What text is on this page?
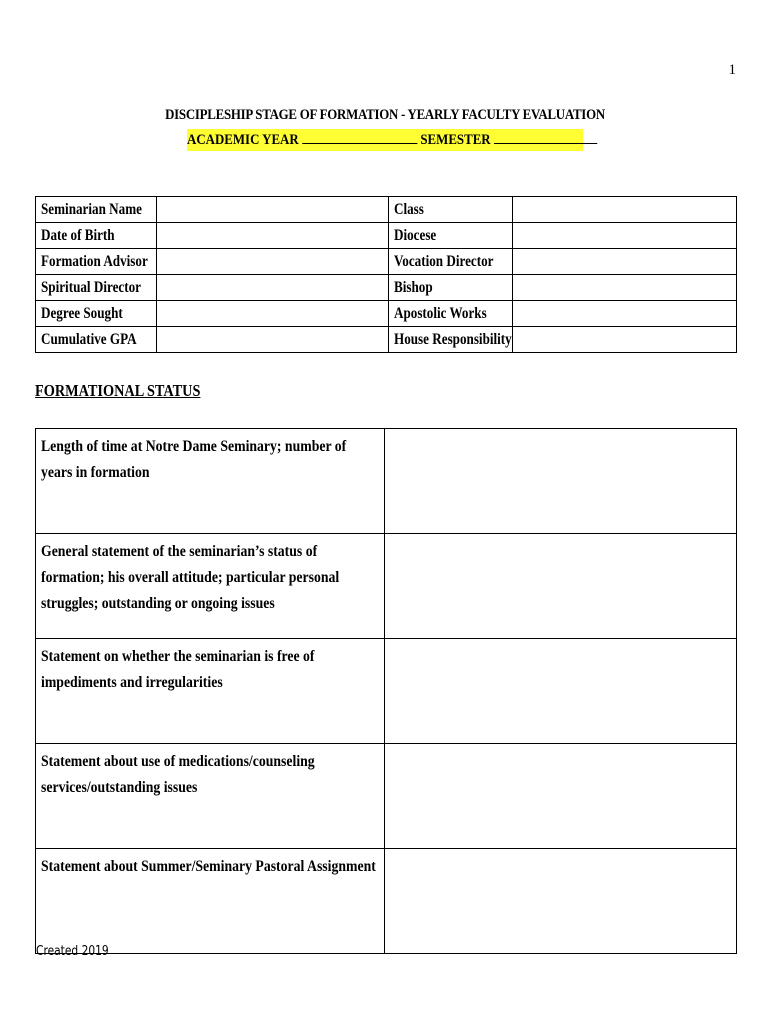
1
DISCIPLESHIP STAGE OF FORMATION - YEARLY FACULTY EVALUATION
ACADEMIC YEAR	SEMESTER
Seminarian Name		Class	
Date of Birth		Diocese	
Formation Advisor		Vocation Director	
Spiritual Director		Bishop	
Degree Sought		Apostolic Works	
Cumulative GPA		House Responsibility	
FORMATIONAL STATUS
Length of time at Notre Dame Seminary; number of years in formation	

General statement of the seminarian’s status of formation; his overall attitude; particular personal struggles; outstanding or ongoing issues	

Statement on whether the seminarian is free of impediments and irregularities	

Statement about use of medications/counseling services/outstanding issues	

Statement about Summer/Seminary Pastoral Assignment	

Created 2019
